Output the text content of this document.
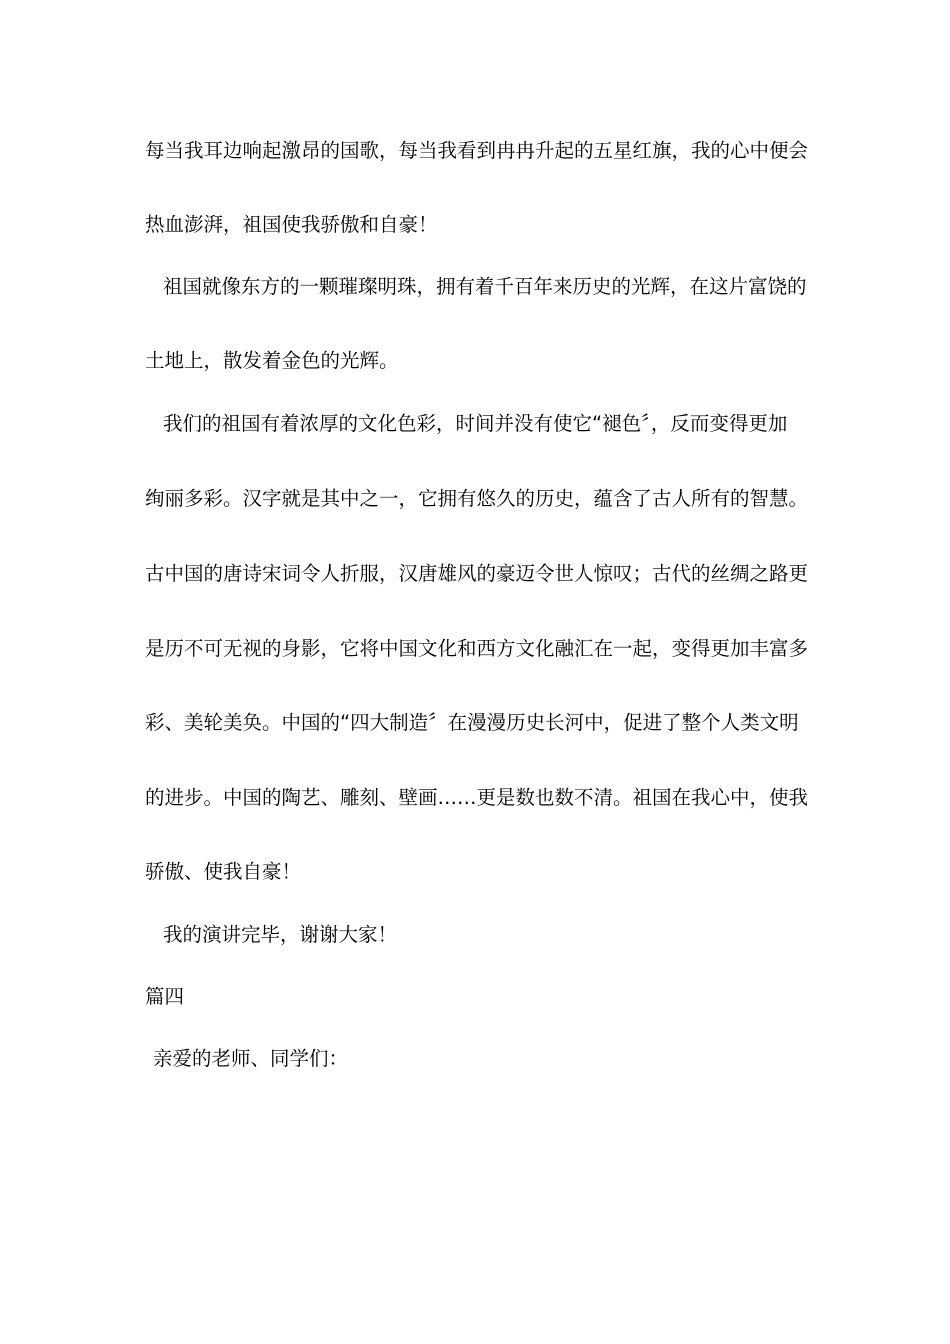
每当我耳边响起激昂的国歌，每当我看到冉冉升起的五星红旗，我的心中便会

热血澎湃，祖国使我骄傲和自豪！

祖国就像东方的一颗璀璨明珠，拥有着千百年来历史的光辉，在这片富饶的

土地上，散发着金色的光辉。

我们的祖国有着浓厚的文化色彩，时间并没有使它“褪色〞，反而变得更加

绚丽多彩。汉字就是其中之一，它拥有悠久的历史，蕴含了古人所有的智慧。

古中国的唐诗宋词令人折服，汉唐雄风的豪迈令世人惊叹；古代的丝绸之路更

是历不可无视的身影，它将中国文化和西方文化融汇在一起，变得更加丰富多

彩、美轮美奂。中国的“四大制造〞在漫漫历史长河中，促进了整个人类文明

的进步。中国的陶艺、雕刻、壁画……更是数也数不清。祖国在我心中，使我

骄傲、使我自豪！

我的演讲完毕，谢谢大家！

篇四

亲爱的老师、同学们：
